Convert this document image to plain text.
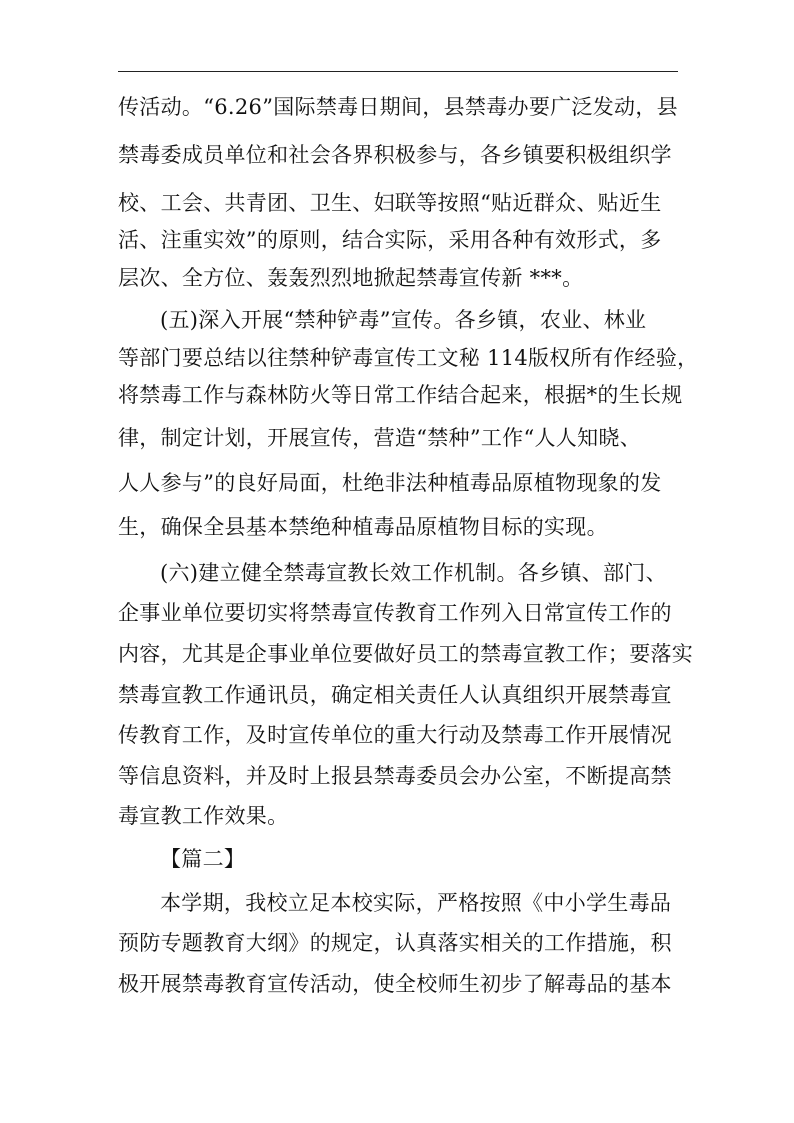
传活动。“6.26”国际禁毒日期间，县禁毒办要广泛发动，县
禁毒委成员单位和社会各界积极参与，各乡镇要积极组织学
校、工会、共青团、卫生、妇联等按照“贴近群众、贴近生
活、注重实效”的原则，结合实际，采用各种有效形式，多
层次、全方位、轰轰烈烈地掀起禁毒宣传新 ***。
(五)深入开展“禁种铲毒”宣传。各乡镇，农业、林业
等部门要总结以往禁种铲毒宣传工文秘 114版权所有作经验，
将禁毒工作与森林防火等日常工作结合起来，根据*的生长规
律，制定计划，开展宣传，营造“禁种”工作“人人知晓、
人人参与”的良好局面，杜绝非法种植毒品原植物现象的发
生，确保全县基本禁绝种植毒品原植物目标的实现。
(六)建立健全禁毒宣教长效工作机制。各乡镇、部门、
企事业单位要切实将禁毒宣传教育工作列入日常宣传工作的
内容，尤其是企事业单位要做好员工的禁毒宣教工作；要落实
禁毒宣教工作通讯员，确定相关责任人认真组织开展禁毒宣
传教育工作，及时宣传单位的重大行动及禁毒工作开展情况
等信息资料，并及时上报县禁毒委员会办公室，不断提高禁
毒宣教工作效果。
【篇二】
本学期，我校立足本校实际，严格按照《中小学生毒品
预防专题教育大纲》的规定，认真落实相关的工作措施，积
极开展禁毒教育宣传活动，使全校师生初步了解毒品的基本
